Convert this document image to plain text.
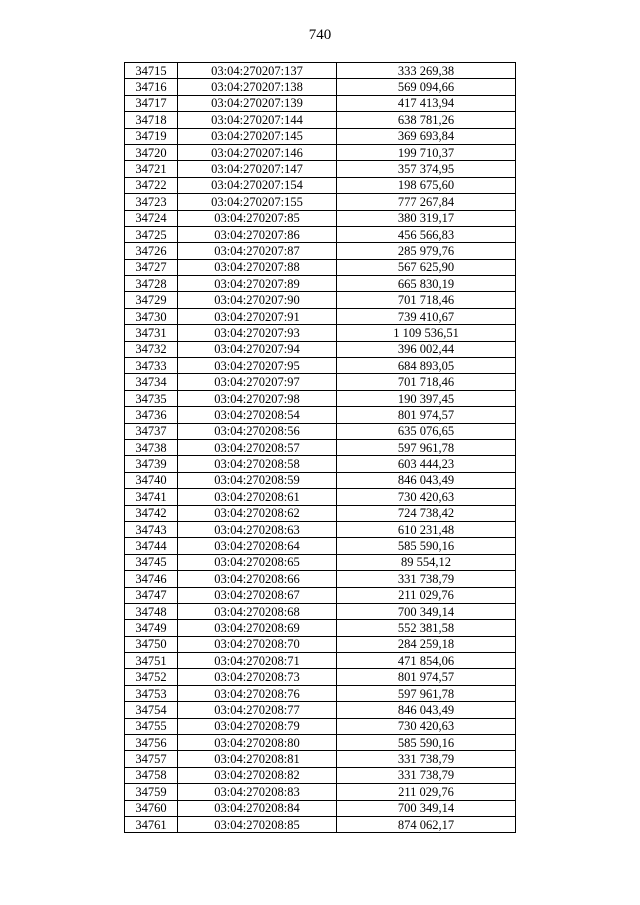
740
34715	03:04:270207:137	333 269,38
34716	03:04:270207:138	569 094,66
34717	03:04:270207:139	417 413,94
34718	03:04:270207:144	638 781,26
34719	03:04:270207:145	369 693,84
34720	03:04:270207:146	199 710,37
34721	03:04:270207:147	357 374,95
34722	03:04:270207:154	198 675,60
34723	03:04:270207:155	777 267,84
34724	03:04:270207:85	380 319,17
34725	03:04:270207:86	456 566,83
34726	03:04:270207:87	285 979,76
34727	03:04:270207:88	567 625,90
34728	03:04:270207:89	665 830,19
34729	03:04:270207:90	701 718,46
34730	03:04:270207:91	739 410,67
34731	03:04:270207:93	1 109 536,51
34732	03:04:270207:94	396 002,44
34733	03:04:270207:95	684 893,05
34734	03:04:270207:97	701 718,46
34735	03:04:270207:98	190 397,45
34736	03:04:270208:54	801 974,57
34737	03:04:270208:56	635 076,65
34738	03:04:270208:57	597 961,78
34739	03:04:270208:58	603 444,23
34740	03:04:270208:59	846 043,49
34741	03:04:270208:61	730 420,63
34742	03:04:270208:62	724 738,42
34743	03:04:270208:63	610 231,48
34744	03:04:270208:64	585 590,16
34745	03:04:270208:65	89 554,12
34746	03:04:270208:66	331 738,79
34747	03:04:270208:67	211 029,76
34748	03:04:270208:68	700 349,14
34749	03:04:270208:69	552 381,58
34750	03:04:270208:70	284 259,18
34751	03:04:270208:71	471 854,06
34752	03:04:270208:73	801 974,57
34753	03:04:270208:76	597 961,78
34754	03:04:270208:77	846 043,49
34755	03:04:270208:79	730 420,63
34756	03:04:270208:80	585 590,16
34757	03:04:270208:81	331 738,79
34758	03:04:270208:82	331 738,79
34759	03:04:270208:83	211 029,76
34760	03:04:270208:84	700 349,14
34761	03:04:270208:85	874 062,17
